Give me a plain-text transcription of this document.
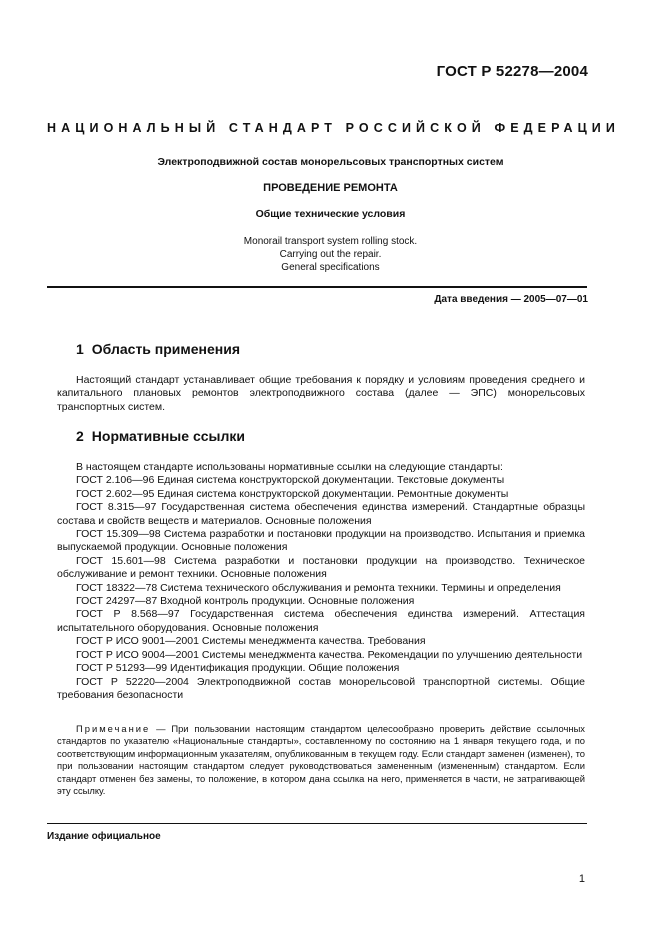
ГОСТ Р 52278—2004
НАЦИОНАЛЬНЫЙ СТАНДАРТ РОССИЙСКОЙ ФЕДЕРАЦИИ
Электроподвижной состав монорельсовых транспортных систем
ПРОВЕДЕНИЕ РЕМОНТА
Общие технические условия
Monorail transport system rolling stock.
Carrying out the repair.
General specifications
Дата введения — 2005—07—01
1 Область применения

Настоящий стандарт устанавливает общие требования к порядку и условиям проведения среднего и капитального плановых ремонтов электроподвижного состава (далее — ЭПС) монорельсовых транспортных систем.

2 Нормативные ссылки

В настоящем стандарте использованы нормативные ссылки на следующие стандарты:

ГОСТ 2.106—96 Единая система конструкторской документации. Текстовые документы

ГОСТ 2.602—95 Единая система конструкторской документации. Ремонтные документы

ГОСТ 8.315—97 Государственная система обеспечения единства измерений. Стандартные образцы состава и свойств веществ и материалов. Основные положения

ГОСТ 15.309—98 Система разработки и постановки продукции на производство. Испытания и приемка выпускаемой продукции. Основные положения

ГОСТ 15.601—98 Система разработки и постановки продукции на производство. Техническое обслуживание и ремонт техники. Основные положения

ГОСТ 18322—78 Система технического обслуживания и ремонта техники. Термины и определения

ГОСТ 24297—87 Входной контроль продукции. Основные положения

ГОСТ Р 8.568—97 Государственная система обеспечения единства измерений. Аттестация испытательного оборудования. Основные положения

ГОСТ Р ИСО 9001—2001 Системы менеджмента качества. Требования

ГОСТ Р ИСО 9004—2001 Системы менеджмента качества. Рекомендации по улучшению деятельности

ГОСТ Р 51293—99 Идентификация продукции. Общие положения

ГОСТ Р 52220—2004 Электроподвижной состав монорельсовой транспортной системы. Общие требования безопасности

Примечание — При пользовании настоящим стандартом целесообразно проверить действие ссылочных стандартов по указателю «Национальные стандарты», составленному по состоянию на 1 января текущего года, и по соответствующим информационным указателям, опубликованным в текущем году. Если стандарт заменен (изменен), то при пользовании настоящим стандартом следует руководствоваться замененным (измененным) стандартом. Если стандарт отменен без замены, то положение, в котором дана ссылка на него, применяется в части, не затрагивающей эту ссылку.
Издание официальное
1
